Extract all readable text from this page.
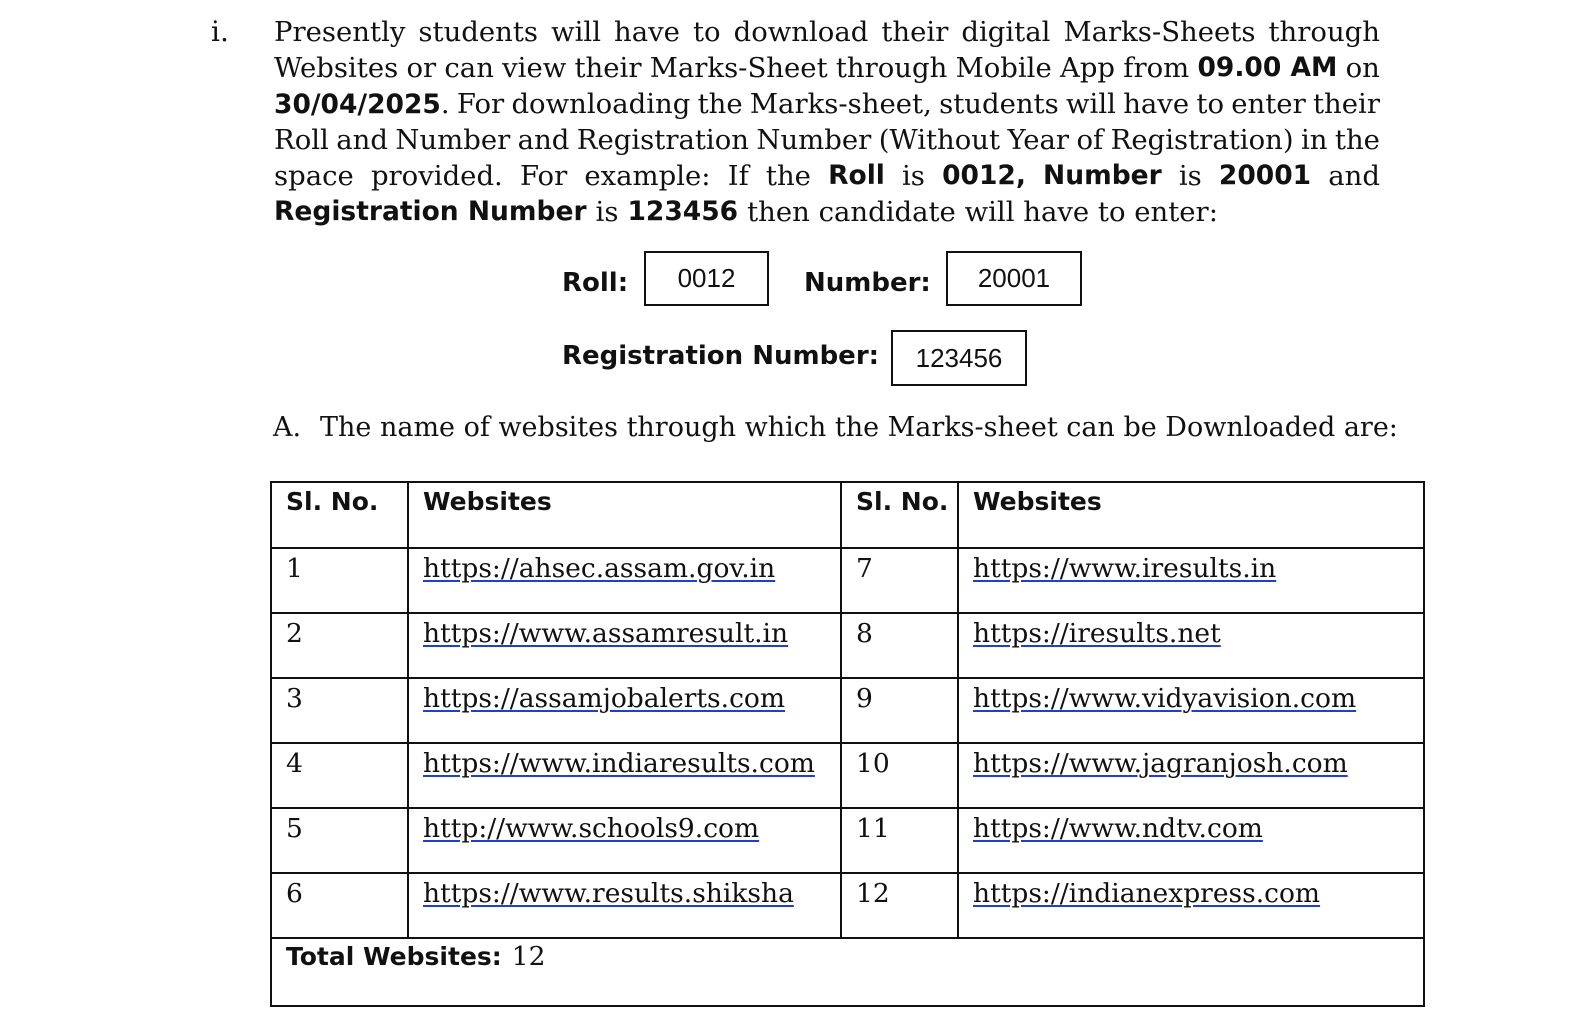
i. Presently students will have to download their digital Marks-Sheets through
Websites or can view their Marks-Sheet through Mobile App from 09.00 AM on
30/04/2025. For downloading the Marks-sheet, students will have to enter their
Roll and Number and Registration Number (Without Year of Registration) in the
space provided. For example: If the Roll is 0012, Number is 20001 and
Registration Number is 123456 then candidate will have to enter:
Roll:	0012	Number:	20001
Registration Number:	123456
A. The name of websites through which the Marks-sheet can be Downloaded are:
Sl. No.	Websites	Sl. No.	Websites
1	https://ahsec.assam.gov.in	7	https://www.iresults.in
2	https://www.assamresult.in	8	https://iresults.net
3	https://assamjobalerts.com	9	https://www.vidyavision.com
4	https://www.indiaresults.com	10	https://www.jagranjosh.com
5	http://www.schools9.com	11	https://www.ndtv.com
6	https://www.results.shiksha	12	https://indianexpress.com
Total Websites: 12			
